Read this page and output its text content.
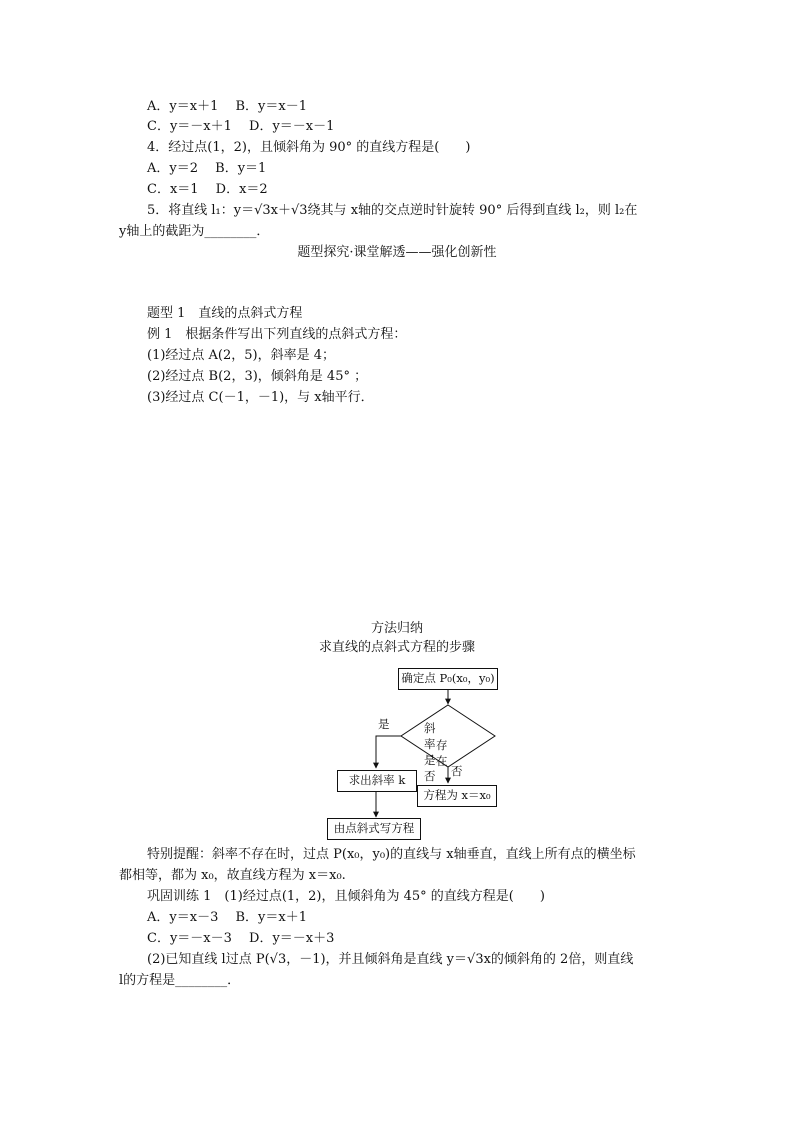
A．y＝x＋1　 B．y＝x－1
C．y＝－x＋1　 D．y＝－x－1
4．经过点(1，2)，且倾斜角为 90° 的直线方程是(　　)
A．y＝2　 B．y＝1
C．x＝1　 D．x＝2
5．将直线 l₁：y＝√3x＋√3绕其与 x轴的交点逆时针旋转 90° 后得到直线 l₂，则 l₂在
y轴上的截距为________．
题型 1　直线的点斜式方程
例 1　根据条件写出下列直线的点斜式方程：
(1)经过点 A(2，5)，斜率是 4；
(2)经过点 B(2，3)，倾斜角是 45° ；
(3)经过点 C(－1，－1)，与 x轴平行．
特别提醒：斜率不存在时，过点 P(x₀，y₀)的直线与 x轴垂直，直线上所有点的横坐标
都相等，都为 x₀，故直线方程为 x＝x₀.
巩固训练 1　(1)经过点(1，2)，且倾斜角为 45° 的直线方程是(　　)
A．y＝x－3　 B．y＝x＋1
C．y＝－x－3　 D．y＝－x＋3
(2)已知直线 l过点 P(√3，－1)，并且倾斜角是直线 y＝√3x的倾斜角的 2倍，则直线
l的方程是________．
题型探究·课堂解透——强化创新性
方法归纳
求直线的点斜式方程的步骤
确定点 P₀(x₀，y₀)
斜率是否
存在
是
否
求出斜率 k
方程为 x＝x₀
由点斜式写方程
